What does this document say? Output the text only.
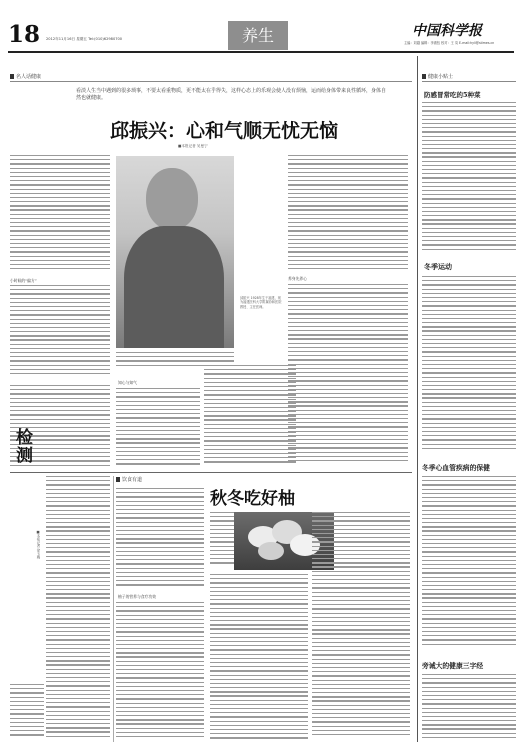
18 2012年11月16日 星期五 Tel:(010)62980700	养生	中国科学报
主编：刘越 编辑：李惠钰 校对：王 岚 E-mail:hyli@stimes.cn
名人话健康
看淡人生当中遇到的很多琐事，不要太看重物质，更不能太在乎得失，这样心态上的乐观会使人没有烦恼，运而给身体带来良性循环，身体自然也就健康。
邱振兴：心和气顺无忧无恼
■本报记者 吴曼宁
小时候的“偏方”
邱振兴 1928年生于福建，现为福建医科大学附属协和医院教授、主任医师。
知心与知气
养身先养心
检测
■本报记者 徐玉梅
饮食有道
柚子的营养与食疗功效
秋冬吃好柚
健康小贴士
防感冒常吃的5种菜
冬季运动
冬季心血管疾病的保健
旁诫大的健康三字经
